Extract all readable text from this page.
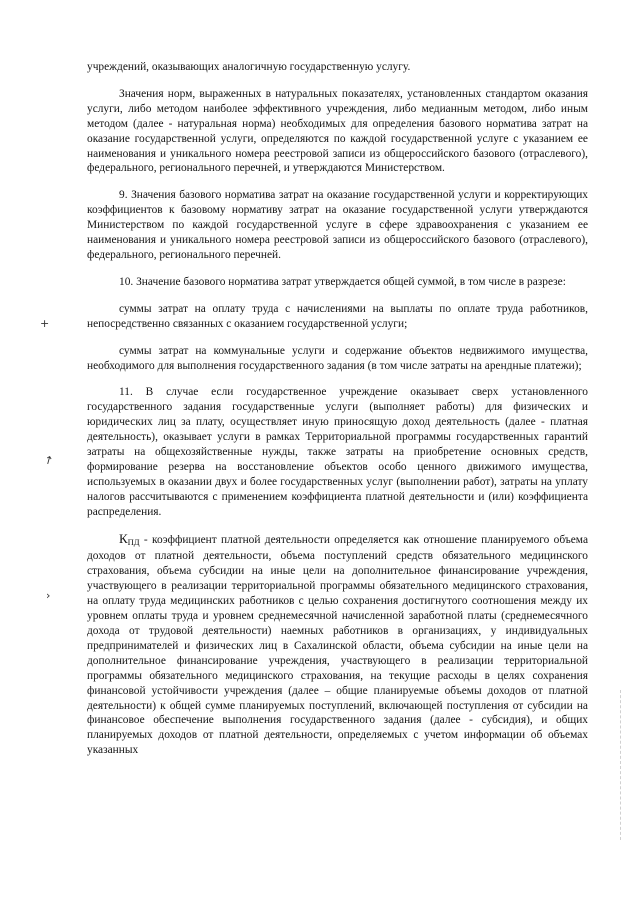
+
↑
›

учреждений, оказывающих аналогичную государственную услугу.

Значения норм, выраженных в натуральных показателях, установленных стандартом оказания услуги, либо методом наиболее эффективного учреждения, либо медианным методом, либо иным методом (далее - натуральная норма) необходимых для определения базового норматива затрат на оказание государственной услуги, определяются по каждой государственной услуге с указанием ее наименования и уникального номера реестровой записи из общероссийского базового (отраслевого), федерального, регионального перечней, и утверждаются Министерством.

9. Значения базового норматива затрат на оказание государственной услуги и корректирующих коэффициентов к базовому нормативу затрат на оказание государственной услуги утверждаются Министерством по каждой государственной услуге в сфере здравоохранения с указанием ее наименования и уникального номера реестровой записи из общероссийского базового (отраслевого), федерального, регионального перечней.

10. Значение базового норматива затрат утверждается общей суммой, в том числе в разрезе:

суммы затрат на оплату труда с начислениями на выплаты по оплате труда работников, непосредственно связанных с оказанием государственной услуги;

суммы затрат на коммунальные услуги и содержание объектов недвижимого имущества, необходимого для выполнения государственного задания (в том числе затраты на арендные платежи);

11. В случае если государственное учреждение оказывает сверх установленного государственного задания государственные услуги (выполняет работы) для физических и юридических лиц за плату, осуществляет иную приносящую доход деятельность (далее - платная деятельность), оказывает услуги в рамках Территориальной программы государственных гарантий затраты на общехозяйственные нужды, также затраты на приобретение основных средств, формирование резерва на восстановление объектов особо ценного движимого имущества, используемых в оказании двух и более государственных услуг (выполнении работ), затраты на уплату налогов рассчитываются с применением коэффициента платной деятельности и (или) коэффициента распределения.

КПД - коэффициент платной деятельности определяется как отношение планируемого объема доходов от платной деятельности, объема поступлений средств обязательного медицинского страхования, объема субсидии на иные цели на дополнительное финансирование учреждения, участвующего в реализации территориальной программы обязательного медицинского страхования, на оплату труда медицинских работников с целью сохранения достигнутого соотношения между их уровнем оплаты труда и уровнем среднемесячной начисленной заработной платы (среднемесячного дохода от трудовой деятельности) наемных работников в организациях, у индивидуальных предпринимателей и физических лиц в Сахалинской области, объема субсидии на иные цели на дополнительное финансирование учреждения, участвующего в реализации территориальной программы обязательного медицинского страхования, на текущие расходы в целях сохранения финансовой устойчивости учреждения (далее – общие планируемые объемы доходов от платной деятельности) к общей сумме планируемых поступлений, включающей поступления от субсидии на финансовое обеспечение выполнения государственного задания (далее - субсидия), и общих планируемых доходов от платной деятельности, определяемых с учетом информации об объемах указанных
